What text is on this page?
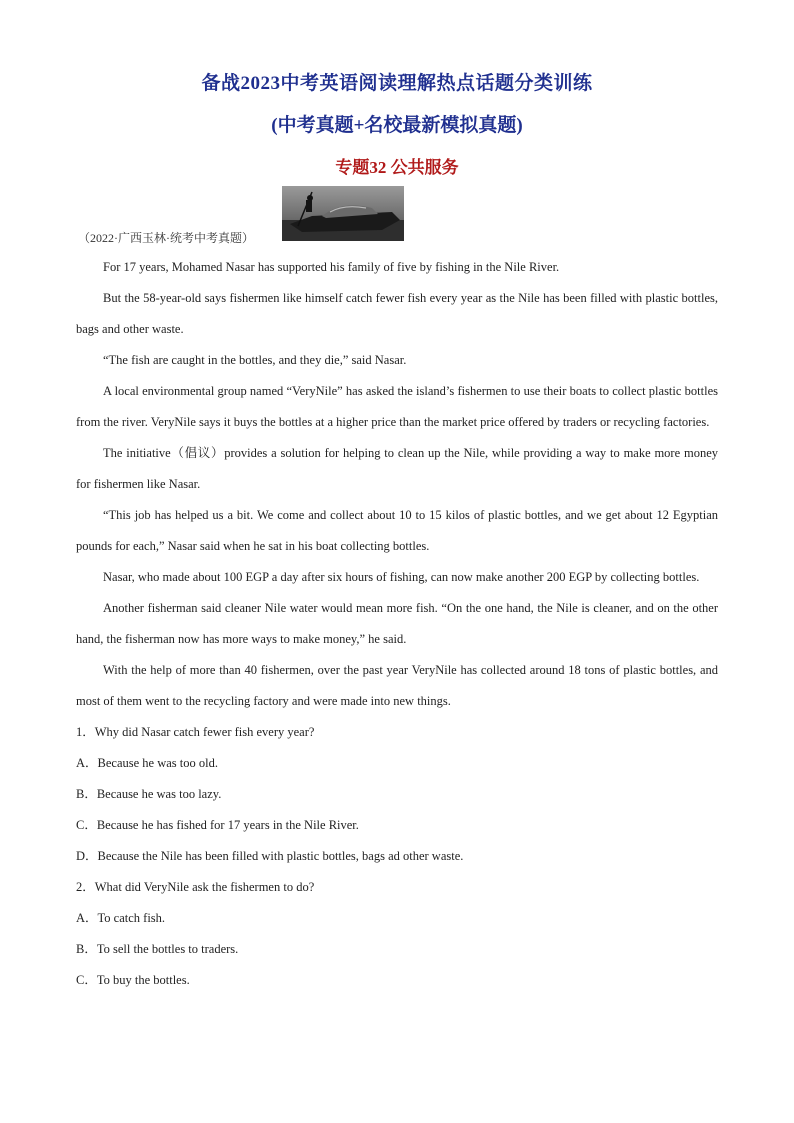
备战2023中考英语阅读理解热点话题分类训练
(中考真题+名校最新模拟真题)
专题32 公共服务
（2022·广西玉林·统考中考真题）

For 17 years, Mohamed Nasar has supported his family of five by fishing in the Nile River.

But the 58-year-old says fishermen like himself catch fewer fish every year as the Nile has been filled with plastic bottles, bags and other waste.

“The fish are caught in the bottles, and they die,” said Nasar.

A local environmental group named “VeryNile” has asked the island’s fishermen to use their boats to collect plastic bottles from the river. VeryNile says it buys the bottles at a higher price than the market price offered by traders or recycling factories.

The initiative（倡议）provides a solution for helping to clean up the Nile, while providing a way to make more money for fishermen like Nasar.

“This job has helped us a bit. We come and collect about 10 to 15 kilos of plastic bottles, and we get about 12 Egyptian pounds for each,” Nasar said when he sat in his boat collecting bottles.

Nasar, who made about 100 EGP a day after six hours of fishing, can now make another 200 EGP by collecting bottles.

Another fisherman said cleaner Nile water would mean more fish. “On the one hand, the Nile is cleaner, and on the other hand, the fisherman now has more ways to make money,” he said.

With the help of more than 40 fishermen, over the past year VeryNile has collected around 18 tons of plastic bottles, and most of them went to the recycling factory and were made into new things.

1．Why did Nasar catch fewer fish every year?

A．Because he was too old.

B．Because he was too lazy.

C．Because he has fished for 17 years in the Nile River.

D．Because the Nile has been filled with plastic bottles, bags ad other waste.

2．What did VeryNile ask the fishermen to do?

A．To catch fish.

B．To sell the bottles to traders.

C．To buy the bottles.
